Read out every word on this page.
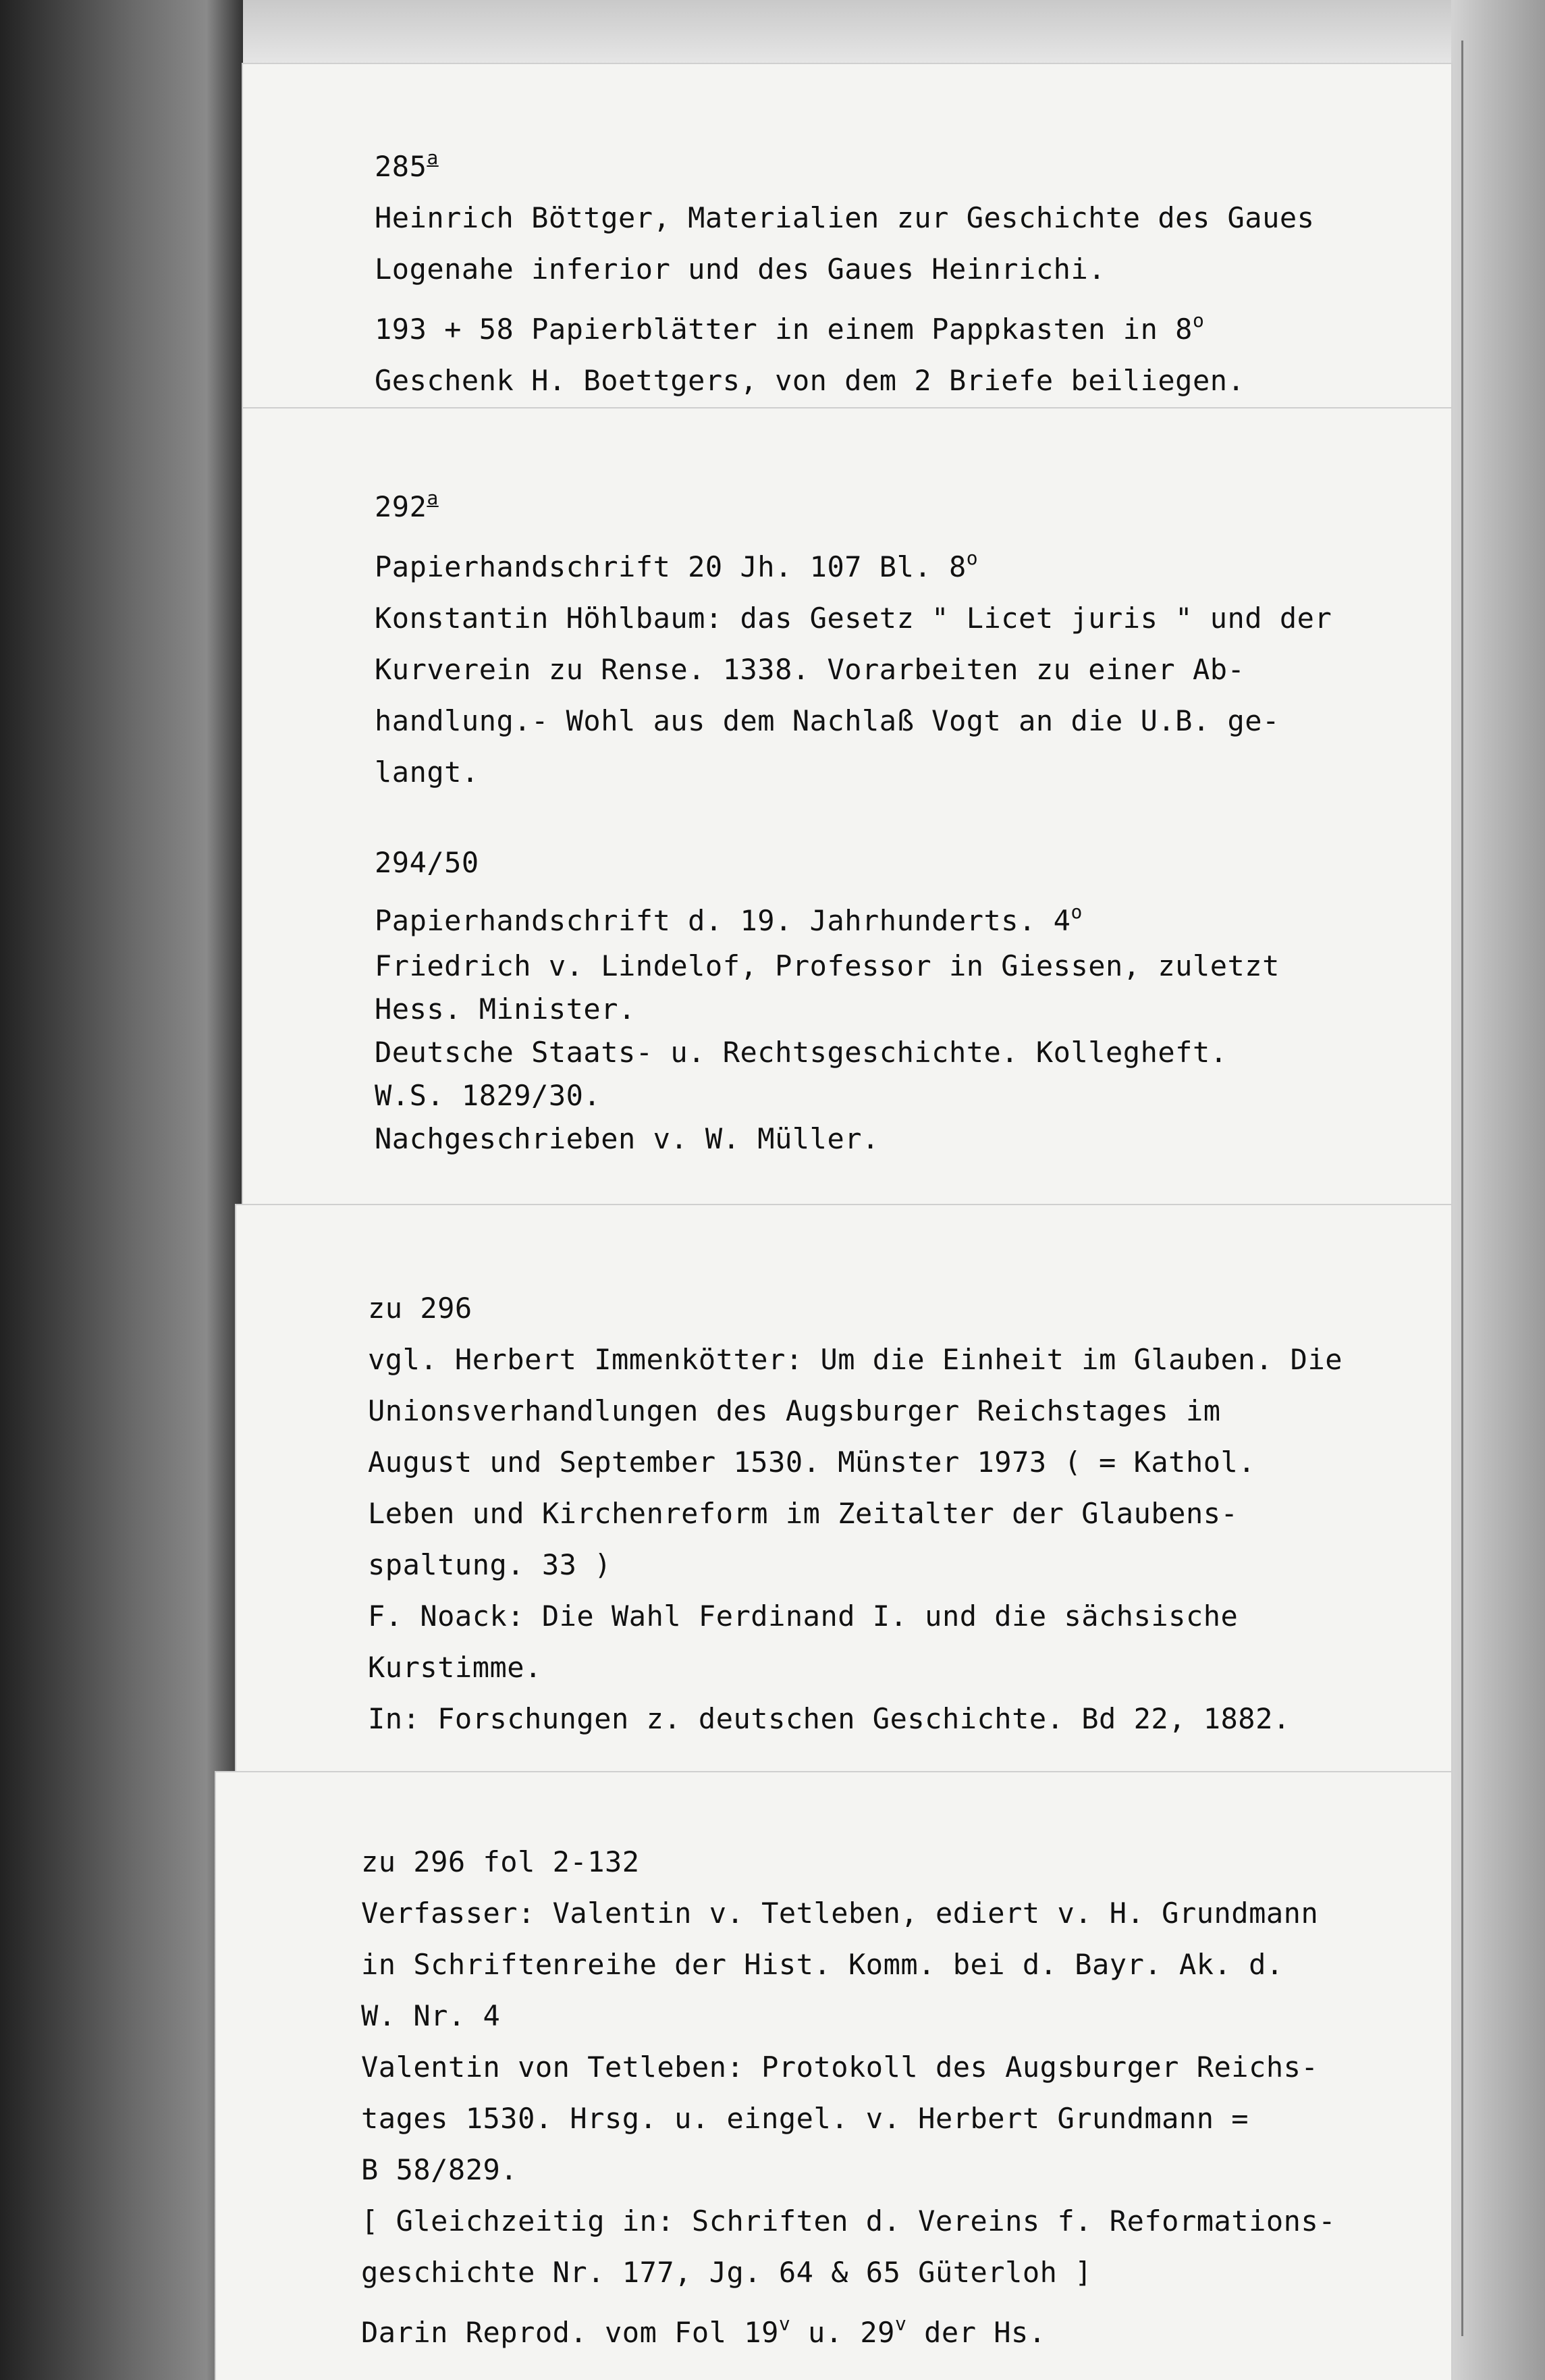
285$^a$
Heinrich Böttger, Materialien zur Geschichte des Gaues
Logenahe inferior und des Gaues Heinrichi.
193 + 58 Papierblätter in einem Pappkasten in 8$^o$
Geschenk H. Boettgers, von dem 2 Briefe beiliegen.
292$^a$
Papierhandschrift 20 Jh. 107 Bl. 8$^o$
Konstantin Höhlbaum: das Gesetz " Licet juris " und der
Kurverein zu Rense. 1338. Vorarbeiten zu einer Ab-
handlung.- Wohl aus dem Nachlaß Vogt an die U.B. ge-
langt.
294/50
Papierhandschrift d. 19. Jahrhunderts. 4$^o$
Friedrich v. Lindelof, Professor in Giessen, zuletzt
Hess. Minister.
Deutsche Staats- u. Rechtsgeschichte. Kollegheft.
W.S. 1829/30.
Nachgeschrieben v. W. Müller.
zu 296
vgl. Herbert Immenkötter: Um die Einheit im Glauben. Die
Unionsverhandlungen des Augsburger Reichstages im
August und September 1530. Münster 1973 ( = Kathol.
Leben und Kirchenreform im Zeitalter der Glaubens-
spaltung. 33 )
F. Noack: Die Wahl Ferdinand I. und die sächsische
Kurstimme.
In: Forschungen z. deutschen Geschichte. Bd 22, 1882.
zu 296 fol 2-132
Verfasser: Valentin v. Tetleben, ediert v. H. Grundmann
in Schriftenreihe der Hist. Komm. bei d. Bayr. Ak. d.
W. Nr. 4
Valentin von Tetleben: Protokoll des Augsburger Reichs-
tages 1530. Hrsg. u. eingel. v. Herbert Grundmann =
B 58/829.
[ Gleichzeitig in: Schriften d. Vereins f. Reformations-
geschichte Nr. 177, Jg. 64 & 65 Güterloh ]
Darin Reprod. vom Fol 19$^v$ u. 29$^v$ der Hs.
